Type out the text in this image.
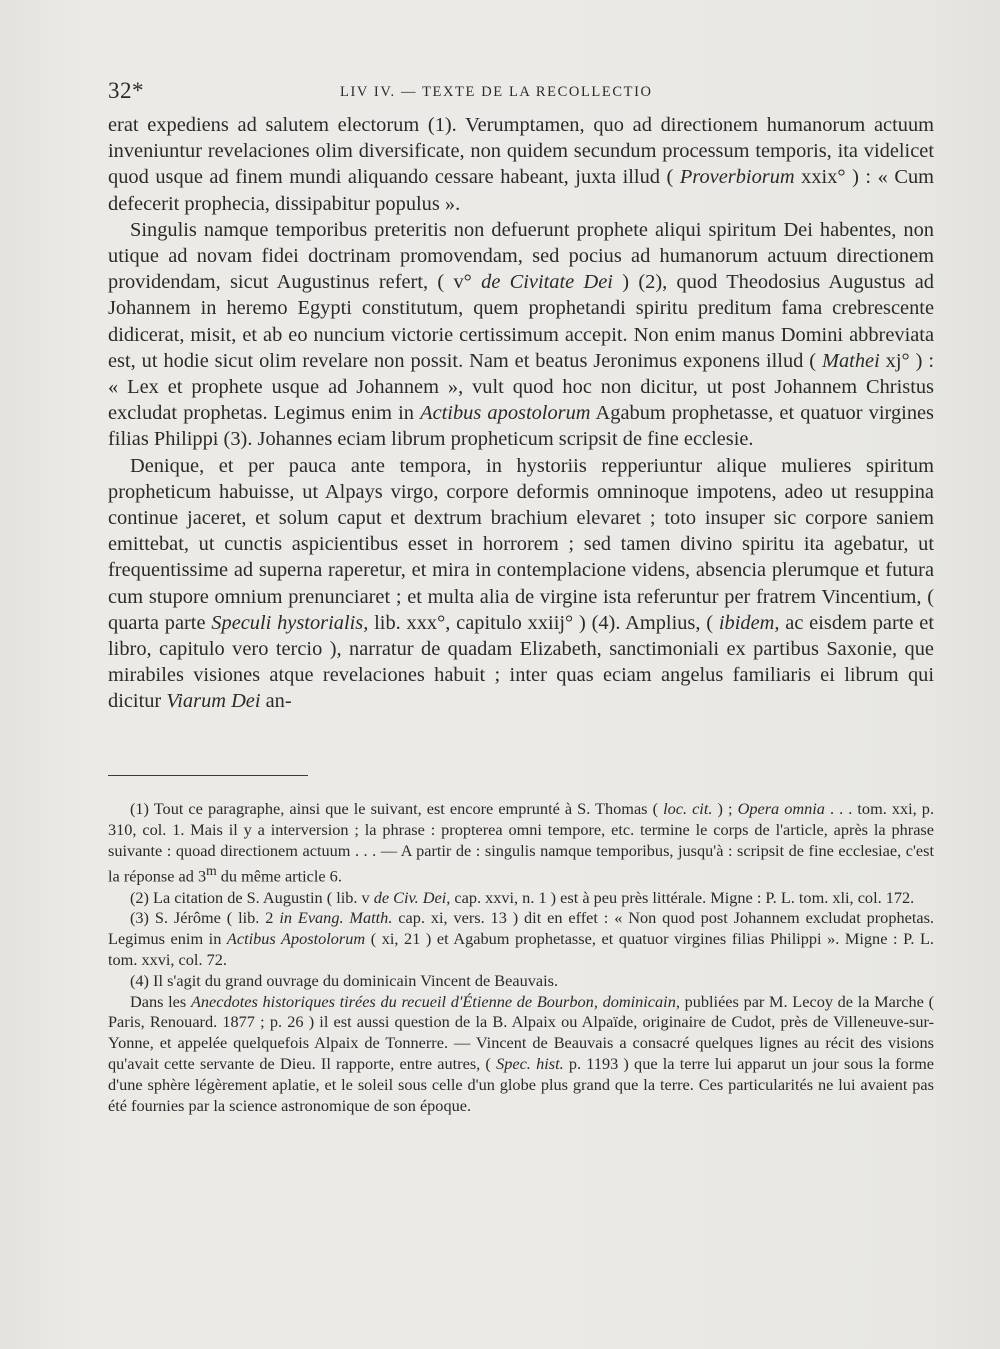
32*	LIV IV. — TEXTE DE LA RECOLLECTIO

erat expediens ad salutem electorum (1). Verumptamen, quo ad directionem humanorum actuum inveniuntur revelaciones olim diversificate, non quidem secundum processum temporis, ita videlicet quod usque ad finem mundi aliquando cessare habeant, juxta illud ( Proverbiorum xxix° ) : « Cum defecerit prophecia, dissipabitur populus ».

Singulis namque temporibus preteritis non defuerunt prophete aliqui spiritum Dei habentes, non utique ad novam fidei doctrinam promovendam, sed pocius ad humanorum actuum directionem providendam, sicut Augustinus refert, ( v° de Civitate Dei ) (2), quod Theodosius Augustus ad Johannem in heremo Egypti constitutum, quem prophetandi spiritu preditum fama crebrescente didicerat, misit, et ab eo nuncium victorie certissimum accepit. Non enim manus Domini abbreviata est, ut hodie sicut olim revelare non possit. Nam et beatus Jeronimus exponens illud ( Mathei xj° ) : « Lex et prophete usque ad Johannem », vult quod hoc non dicitur, ut post Johannem Christus excludat prophetas. Legimus enim in Actibus apostolorum Agabum prophetasse, et quatuor virgines filias Philippi (3). Johannes eciam librum propheticum scripsit de fine ecclesie.

Denique, et per pauca ante tempora, in hystoriis repperiuntur alique mulieres spiritum propheticum habuisse, ut Alpays virgo, corpore deformis omninoque impotens, adeo ut resuppina continue jaceret, et solum caput et dextrum brachium elevaret ; toto insuper sic corpore saniem emittebat, ut cunctis aspicientibus esset in horrorem ; sed tamen divino spiritu ita agebatur, ut frequentissime ad superna raperetur, et mira in contemplacione videns, absencia plerumque et futura cum stupore omnium prenunciaret ; et multa alia de virgine ista referuntur per fratrem Vincentium, ( quarta parte Speculi hystorialis, lib. xxx°, capitulo xxiij° ) (4). Amplius, ( ibidem, ac eisdem parte et libro, capitulo vero tercio ), narratur de quadam Elizabeth, sanctimoniali ex partibus Saxonie, que mirabiles visiones atque revelaciones habuit ; inter quas eciam angelus familiaris ei librum qui dicitur Viarum Dei an-

(1) Tout ce paragraphe, ainsi que le suivant, est encore emprunté à S. Thomas ( loc. cit. ) ; Opera omnia . . . tom. xxi, p. 310, col. 1. Mais il y a interversion ; la phrase : propterea omni tempore, etc. termine le corps de l'article, après la phrase suivante : quoad directionem actuum . . . — A partir de : singulis namque temporibus, jusqu'à : scripsit de fine ecclesiae, c'est la réponse ad 3$^m$ du même article 6.

(2) La citation de S. Augustin ( lib. v de Civ. Dei, cap. xxvi, n. 1 ) est à peu près littérale. Migne : P. L. tom. xli, col. 172.

(3) S. Jérôme ( lib. 2 in Evang. Matth. cap. xi, vers. 13 ) dit en effet : « Non quod post Johannem excludat prophetas. Legimus enim in Actibus Apostolorum ( xi, 21 ) et Agabum prophetasse, et quatuor virgines filias Philippi ». Migne : P. L. tom. xxvi, col. 72.

(4) Il s'agit du grand ouvrage du dominicain Vincent de Beauvais.

Dans les Anecdotes historiques tirées du recueil d'Étienne de Bourbon, dominicain, publiées par M. Lecoy de la Marche ( Paris, Renouard. 1877 ; p. 26 ) il est aussi question de la B. Alpaix ou Alpaïde, originaire de Cudot, près de Villeneuve-sur-Yonne, et appelée quelquefois Alpaix de Tonnerre. — Vincent de Beauvais a consacré quelques lignes au récit des visions qu'avait cette servante de Dieu. Il rapporte, entre autres, ( Spec. hist. p. 1193 ) que la terre lui apparut un jour sous la forme d'une sphère légèrement aplatie, et le soleil sous celle d'un globe plus grand que la terre. Ces particularités ne lui avaient pas été fournies par la science astronomique de son époque.
